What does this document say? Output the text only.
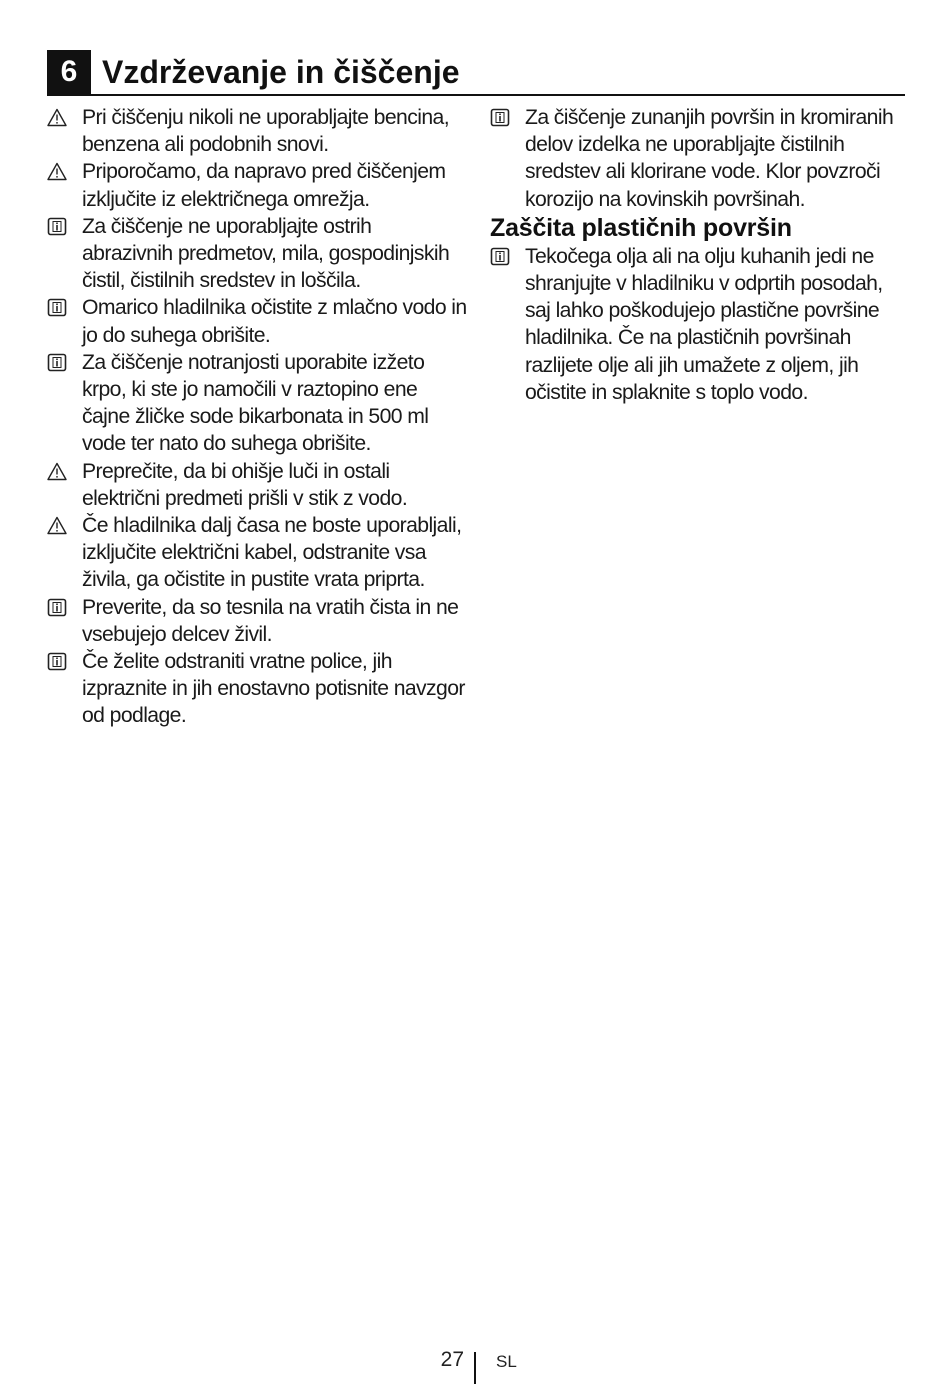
6 Vzdrževanje in čiščenje
Pri čiščenju nikoli ne uporabljajte bencina, benzena ali podobnih snovi.
Priporočamo, da napravo pred čiščenjem izključite iz električnega omrežja.
Za čiščenje ne uporabljajte ostrih abrazivnih predmetov, mila, gospodinjskih čistil, čistilnih sredstev in loščila.
Omarico hladilnika očistite z mlačno vodo in jo do suhega obrišite.
Za čiščenje notranjosti uporabite izžeto krpo, ki ste jo namočili v raztopino ene čajne žličke sode bikarbonata in 500 ml vode ter nato do suhega obrišite.
Preprečite, da bi ohišje luči in ostali električni predmeti prišli v stik z vodo.
Če hladilnika dalj časa ne boste uporabljali, izključite električni kabel, odstranite vsa živila, ga očistite in pustite vrata priprta.
Preverite, da so tesnila na vratih čista in ne vsebujejo delcev živil.
Če želite odstraniti vratne police, jih izpraznite in jih enostavno potisnite navzgor od podlage.
Za čiščenje zunanjih površin in kromiranih delov izdelka ne uporabljajte čistilnih sredstev ali klorirane vode. Klor povzroči korozijo na kovinskih površinah.
Zaščita plastičnih površin
Tekočega olja ali na olju kuhanih jedi ne shranjujte v hladilniku v odprtih posodah, saj lahko poškodujejo plastične površine hladilnika. Če na plastičnih površinah razlijete olje ali jih umažete z oljem, jih očistite in splaknite s toplo vodo.
27 SL
